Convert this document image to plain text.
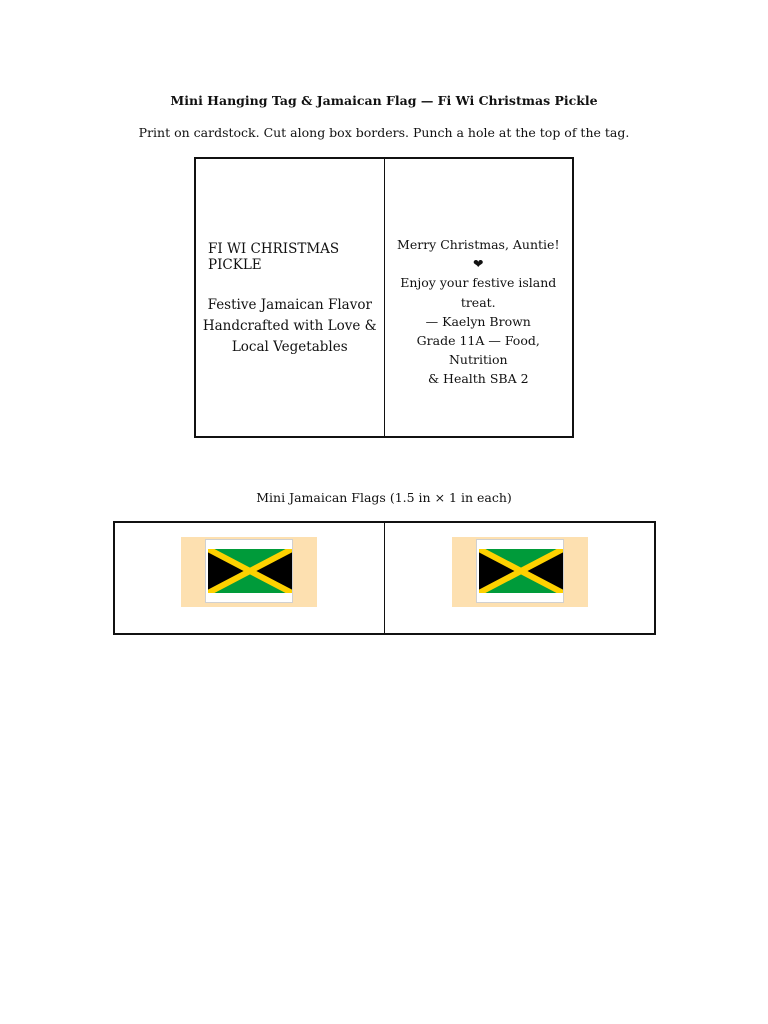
Mini Hanging Tag & Jamaican Flag — Fi Wi Christmas Pickle
Print on cardstock. Cut along box borders. Punch a hole at the top of the tag.
FI WI CHRISTMAS PICKLE
Festive Jamaican Flavor
Handcrafted with Love &
Local Vegetables
Merry Christmas, Auntie! ❤
Enjoy your festive island
treat.
— Kaelyn Brown
Grade 11A — Food, Nutrition
& Health SBA 2
Mini Jamaican Flags (1.5 in × 1 in each)
